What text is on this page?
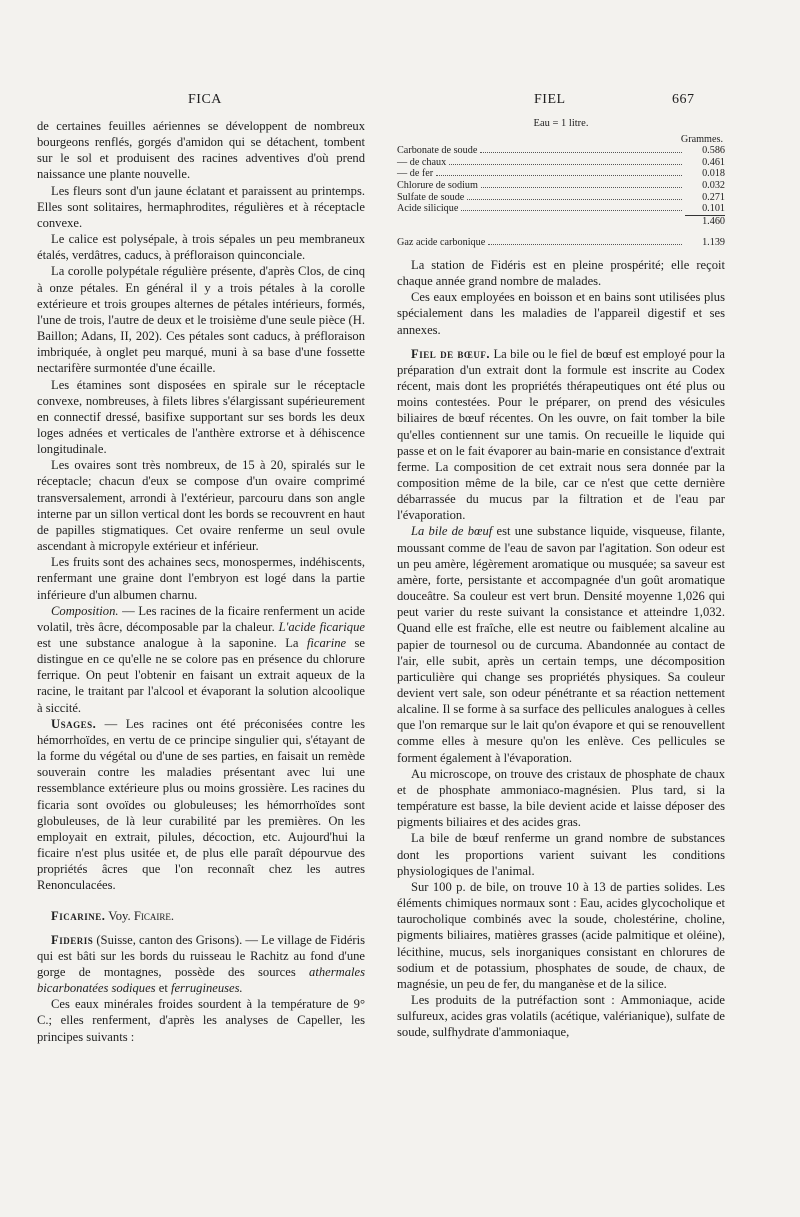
FICA	FIEL	667

de certaines feuilles aériennes se développent de nombreux bourgeons renflés, gorgés d'amidon qui se détachent, tombent sur le sol et produisent des racines adventives d'où prend naissance une plante nouvelle.

Les fleurs sont d'un jaune éclatant et paraissent au printemps. Elles sont solitaires, hermaphrodites, régulières et à réceptacle convexe.

Le calice est polysépale, à trois sépales un peu membraneux étalés, verdâtres, caducs, à préfloraison quinconciale.

La corolle polypétale régulière présente, d'après Clos, de cinq à onze pétales. En général il y a trois pétales à la corolle extérieure et trois groupes alternes de pétales intérieurs, formés, l'une de trois, l'autre de deux et le troisième d'une seule pièce (H. Baillon; Adans, II, 202). Ces pétales sont caducs, à préfloraison imbriquée, à onglet peu marqué, muni à sa base d'une fossette nectarifère surmontée d'une écaille.

Les étamines sont disposées en spirale sur le réceptacle convexe, nombreuses, à filets libres s'élargissant supérieurement en connectif dressé, basifixe supportant sur ses bords les deux loges adnées et verticales de l'anthère extrorse et à déhiscence longitudinale.

Les ovaires sont très nombreux, de 15 à 20, spiralés sur le réceptacle; chacun d'eux se compose d'un ovaire comprimé transversalement, arrondi à l'extérieur, parcouru dans son angle interne par un sillon vertical dont les bords se recouvrent en haut de papilles stigmatiques. Cet ovaire renferme un seul ovule ascendant à micropyle extérieur et inférieur.

Les fruits sont des achaines secs, monospermes, indéhiscents, renfermant une graine dont l'embryon est logé dans la partie inférieure d'un albumen charnu.

Composition. — Les racines de la ficaire renferment un acide volatil, très âcre, décomposable par la chaleur. L'acide ficarique est une substance analogue à la saponine. La ficarine se distingue en ce qu'elle ne se colore pas en présence du chlorure ferrique. On peut l'obtenir en faisant un extrait aqueux de la racine, le traitant par l'alcool et évaporant la solution alcoolique à siccité.

Usages. — Les racines ont été préconisées contre les hémorrhoïdes, en vertu de ce principe singulier qui, s'étayant de la forme du végétal ou d'une de ses parties, en faisait un remède souverain contre les maladies présentant avec lui une ressemblance extérieure plus ou moins grossière. Les racines du ficaria sont ovoïdes ou globuleuses; les hémorrhoïdes sont globuleuses, de là leur curabilité par les premières. On les employait en extrait, pilules, décoction, etc. Aujourd'hui la ficaire n'est plus usitée et, de plus elle paraît dépourvue des propriétés âcres que l'on reconnaît chez les autres Renonculacées.

Ficarine. Voy. Ficaire.

Fideris (Suisse, canton des Grisons). — Le village de Fidéris qui est bâti sur les bords du ruisseau le Rachitz au fond d'une gorge de montagnes, possède des sources athermales bicarbonatées sodiques et ferrugineuses.

Ces eaux minérales froides sourdent à la température de 9° C.; elles renferment, d'après les analyses de Capeller, les principes suivants :

Eau = 1 litre.
Grammes.
Carbonate de soude	0.586
— de chaux	0.461
— de fer	0.018
Chlorure de sodium	0.032
Sulfate de soude	0.271
Acide silicique	0.101
1.460
Gaz acide carbonique	1.139

La station de Fidéris est en pleine prospérité; elle reçoit chaque année grand nombre de malades.

Ces eaux employées en boisson et en bains sont utilisées plus spécialement dans les maladies de l'appareil digestif et ses annexes.

Fiel de bœuf. La bile ou le fiel de bœuf est employé pour la préparation d'un extrait dont la formule est inscrite au Codex récent, mais dont les propriétés thérapeutiques ont été plus ou moins contestées. Pour le préparer, on prend des vésicules biliaires de bœuf récentes. On les ouvre, on fait tomber la bile qu'elles contiennent sur une tamis. On recueille le liquide qui passe et on le fait évaporer au bain-marie en consistance d'extrait ferme. La composition de cet extrait nous sera donnée par la composition même de la bile, car ce n'est que cette dernière débarrassée du mucus par la filtration et de l'eau par l'évaporation.

La bile de bœuf est une substance liquide, visqueuse, filante, moussant comme de l'eau de savon par l'agitation. Son odeur est un peu amère, légèrement aromatique ou musquée; sa saveur est amère, forte, persistante et accompagnée d'un goût aromatique douceâtre. Sa couleur est vert brun. Densité moyenne 1,026 qui peut varier du reste suivant la consistance et atteindre 1,032. Quand elle est fraîche, elle est neutre ou faiblement alcaline au papier de tournesol ou de curcuma. Abandonnée au contact de l'air, elle subit, après un certain temps, une décomposition particulière qui change ses propriétés physiques. Sa couleur devient vert sale, son odeur pénétrante et sa réaction nettement alcaline. Il se forme à sa surface des pellicules analogues à celles que l'on remarque sur le lait qu'on évapore et qui se renouvellent comme elles à mesure qu'on les enlève. Ces pellicules se forment également à l'évaporation.

Au microscope, on trouve des cristaux de phosphate de chaux et de phosphate ammoniaco-magnésien. Plus tard, si la température est basse, la bile devient acide et laisse déposer des pigments biliaires et des acides gras.

La bile de bœuf renferme un grand nombre de substances dont les proportions varient suivant les conditions physiologiques de l'animal.

Sur 100 p. de bile, on trouve 10 à 13 de parties solides. Les éléments chimiques normaux sont : Eau, acides glycocholique et taurocholique combinés avec la soude, cholestérine, choline, pigments biliaires, matières grasses (acide palmitique et oléine), lécithine, mucus, sels inorganiques consistant en chlorures de sodium et de potassium, phosphates de soude, de chaux, de magnésie, un peu de fer, du manganèse et de la silice.

Les produits de la putréfaction sont : Ammoniaque, acide sulfureux, acides gras volatils (acétique, valérianique), sulfate de soude, sulfhydrate d'ammoniaque,
